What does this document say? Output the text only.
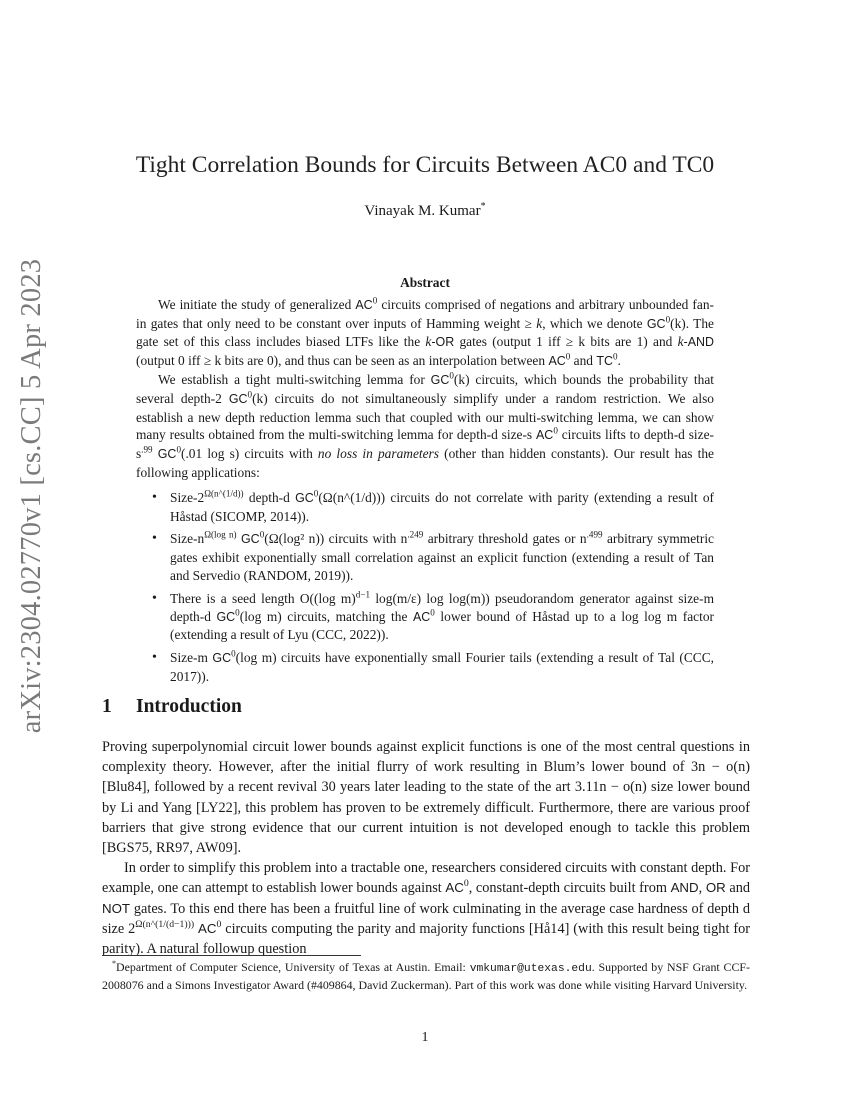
arXiv:2304.02770v1 [cs.CC] 5 Apr 2023
Tight Correlation Bounds for Circuits Between AC0 and TC0
Vinayak M. Kumar*
Abstract

We initiate the study of generalized $AC^0$ circuits comprised of negations and arbitrary unbounded fan-in gates that only need to be constant over inputs of Hamming weight ≥ k, which we denote $GC^0(k)$. The gate set of this class includes biased LTFs like the k-OR gates (output 1 iff ≥ k bits are 1) and k-AND (output 0 iff ≥ k bits are 0), and thus can be seen as an interpolation between $AC^0$ and $TC^0$.

We establish a tight multi-switching lemma for $GC^0(k)$ circuits, which bounds the probability that several depth-2 $GC^0(k)$ circuits do not simultaneously simplify under a random restriction. We also establish a new depth reduction lemma such that coupled with our multi-switching lemma, we can show many results obtained from the multi-switching lemma for depth-d size-s $AC^0$ circuits lifts to depth-d size-$s^{.99}$ $GC^0(.01$ log s) circuits with no loss in parameters (other than hidden constants). Our result has the following applications:

• Size-$2^{\Omega(n\^{}(1/d))}$ depth-d $GC^0(\Omega(n\^{}(1/d)))$ circuits do not correlate with parity (extending a result of Håstad (SICOMP, 2014)).
• Size-$n^{\Omega(log n)}$ $GC^0(\Omega(\log^2$ n)) circuits with $n^{.249}$ arbitrary threshold gates or $n^{.499}$ arbitrary symmetric gates exhibit exponentially small correlation against an explicit function (extending a result of Tan and Servedio (RANDOM, 2019)).
• There is a seed length O((log m)$^{d-1}$ log(m/ε) log log(m)) pseudorandom generator against size-m depth-d $GC^0(\log$ m) circuits, matching the $AC^0$ lower bound of Håstad up to a log log m factor (extending a result of Lyu (CCC, 2022)).
• Size-m $GC^0(\log$ m) circuits have exponentially small Fourier tails (extending a result of Tal (CCC, 2017)).
1 Introduction

Proving superpolynomial circuit lower bounds against explicit functions is one of the most central questions in complexity theory. However, after the initial flurry of work resulting in Blum’s lower bound of 3n − o(n) [Blu84], followed by a recent revival 30 years later leading to the state of the art 3.11n − o(n) size lower bound by Li and Yang [LY22], this problem has proven to be extremely difficult. Furthermore, there are various proof barriers that give strong evidence that our current intuition is not developed enough to tackle this problem [BGS75, RR97, AW09].

In order to simplify this problem into a tractable one, researchers considered circuits with constant depth. For example, one can attempt to establish lower bounds against $AC^0$, constant-depth circuits built from AND, OR and NOT gates. To this end there has been a fruitful line of work culminating in the average case hardness of depth d size $2^{\Omega(n\^{}(1/(d-1)))}$ $AC^0$ circuits computing the parity and majority functions [Hå14] (with this result being tight for parity). A natural followup question

*Department of Computer Science, University of Texas at Austin. Email: vmkumar@utexas.edu. Supported by NSF Grant CCF-2008076 and a Simons Investigator Award (#409864, David Zuckerman). Part of this work was done while visiting Harvard University.

1
